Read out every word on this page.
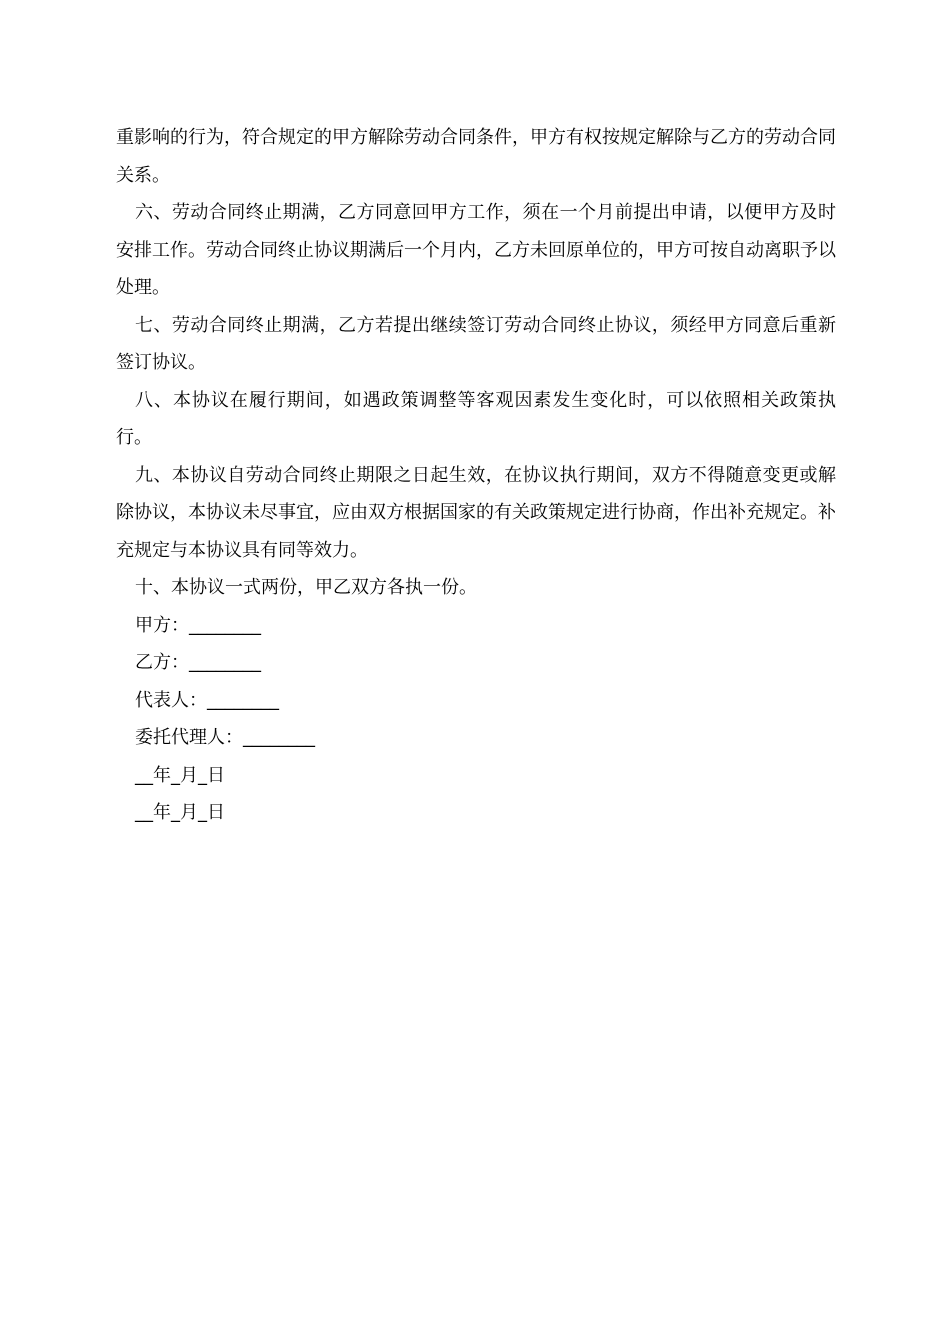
重影响的行为，符合规定的甲方解除劳动合同条件，甲方有权按规定解除与乙方的劳动合同关系。

六、劳动合同终止期满，乙方同意回甲方工作，须在一个月前提出申请，以便甲方及时安排工作。劳动合同终止协议期满后一个月内，乙方未回原单位的，甲方可按自动离职予以处理。

七、劳动合同终止期满，乙方若提出继续签订劳动合同终止协议，须经甲方同意后重新签订协议。

八、本协议在履行期间，如遇政策调整等客观因素发生变化时，可以依照相关政策执行。

九、本协议自劳动合同终止期限之日起生效，在协议执行期间，双方不得随意变更或解除协议，本协议未尽事宜，应由双方根据国家的有关政策规定进行协商，作出补充规定。补充规定与本协议具有同等效力。

十、本协议一式两份，甲乙双方各执一份。

甲方：________

乙方：________

代表人：________

委托代理人：________

__年_月_日

__年_月_日
